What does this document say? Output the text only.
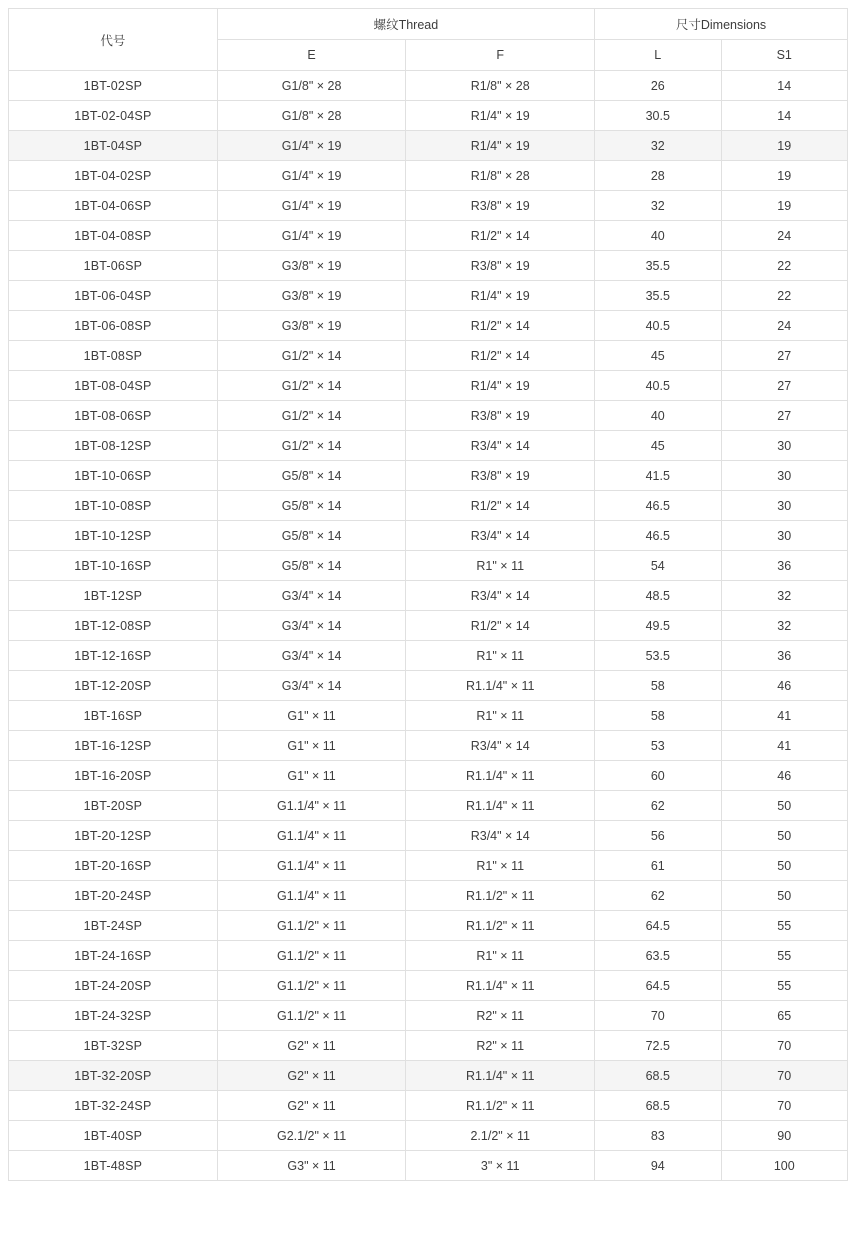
代号	螺纹Thread		尺寸Dimensions	
	E	F	L	S1
1BT-02SP	G1/8" × 28	R1/8" × 28	26	14
1BT-02-04SP	G1/8" × 28	R1/4" × 19	30.5	14
1BT-04SP	G1/4" × 19	R1/4" × 19	32	19
1BT-04-02SP	G1/4" × 19	R1/8" × 28	28	19
1BT-04-06SP	G1/4" × 19	R3/8" × 19	32	19
1BT-04-08SP	G1/4" × 19	R1/2" × 14	40	24
1BT-06SP	G3/8" × 19	R3/8" × 19	35.5	22
1BT-06-04SP	G3/8" × 19	R1/4" × 19	35.5	22
1BT-06-08SP	G3/8" × 19	R1/2" × 14	40.5	24
1BT-08SP	G1/2" × 14	R1/2" × 14	45	27
1BT-08-04SP	G1/2" × 14	R1/4" × 19	40.5	27
1BT-08-06SP	G1/2" × 14	R3/8" × 19	40	27
1BT-08-12SP	G1/2" × 14	R3/4" × 14	45	30
1BT-10-06SP	G5/8" × 14	R3/8" × 19	41.5	30
1BT-10-08SP	G5/8" × 14	R1/2" × 14	46.5	30
1BT-10-12SP	G5/8" × 14	R3/4" × 14	46.5	30
1BT-10-16SP	G5/8" × 14	R1" × 11	54	36
1BT-12SP	G3/4" × 14	R3/4" × 14	48.5	32
1BT-12-08SP	G3/4" × 14	R1/2" × 14	49.5	32
1BT-12-16SP	G3/4" × 14	R1" × 11	53.5	36
1BT-12-20SP	G3/4" × 14	R1.1/4" × 11	58	46
1BT-16SP	G1" × 11	R1" × 11	58	41
1BT-16-12SP	G1" × 11	R3/4" × 14	53	41
1BT-16-20SP	G1" × 11	R1.1/4" × 11	60	46
1BT-20SP	G1.1/4" × 11	R1.1/4" × 11	62	50
1BT-20-12SP	G1.1/4" × 11	R3/4" × 14	56	50
1BT-20-16SP	G1.1/4" × 11	R1" × 11	61	50
1BT-20-24SP	G1.1/4" × 11	R1.1/2" × 11	62	50
1BT-24SP	G1.1/2" × 11	R1.1/2" × 11	64.5	55
1BT-24-16SP	G1.1/2" × 11	R1" × 11	63.5	55
1BT-24-20SP	G1.1/2" × 11	R1.1/4" × 11	64.5	55
1BT-24-32SP	G1.1/2" × 11	R2" × 11	70	65
1BT-32SP	G2" × 11	R2" × 11	72.5	70
1BT-32-20SP	G2" × 11	R1.1/4" × 11	68.5	70
1BT-32-24SP	G2" × 11	R1.1/2" × 11	68.5	70
1BT-40SP	G2.1/2" × 11	2.1/2" × 11	83	90
1BT-48SP	G3" × 11	3" × 11	94	100
